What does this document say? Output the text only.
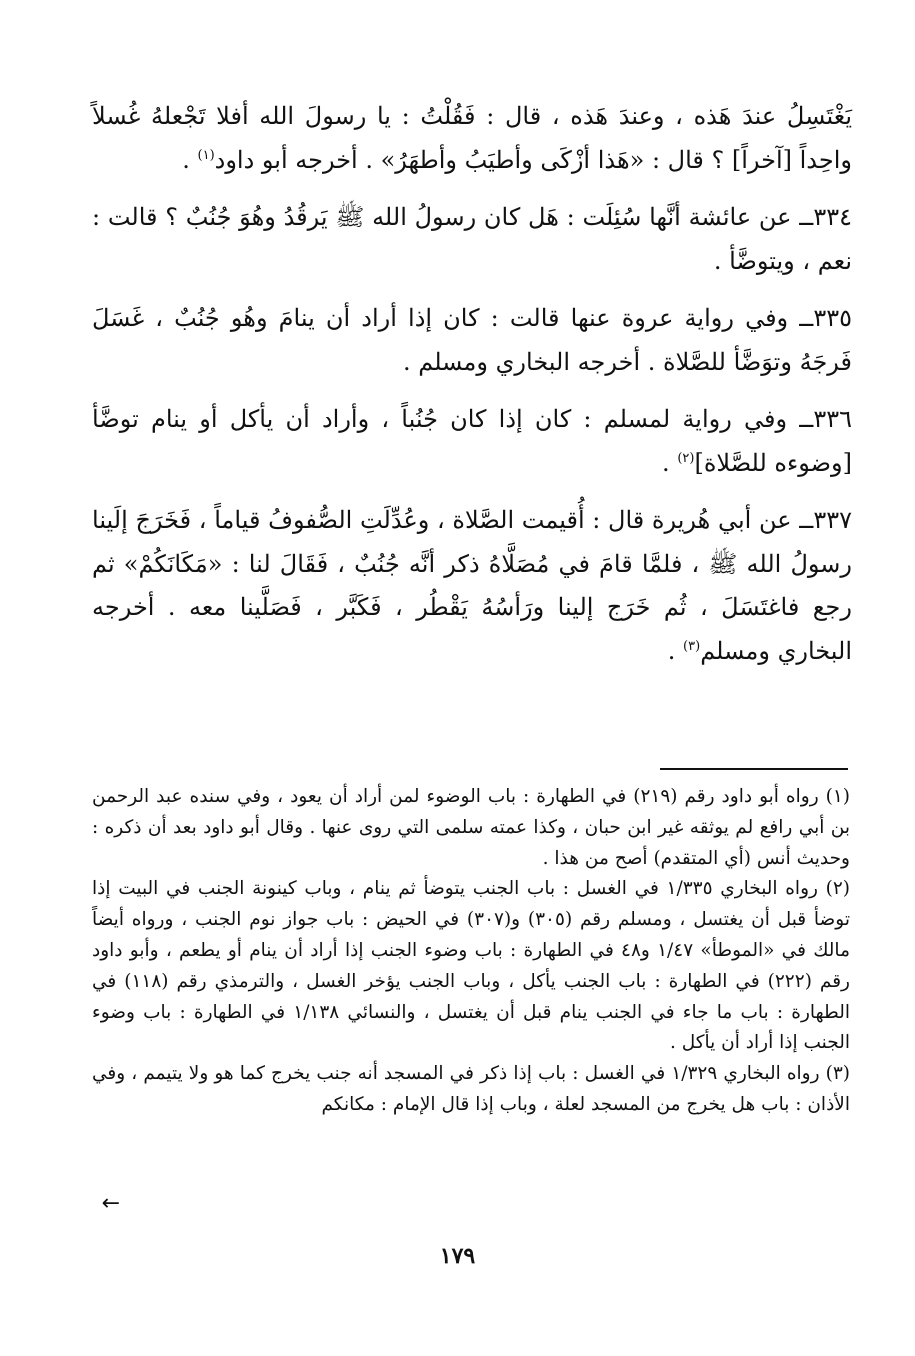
يَغْتَسِلُ عندَ هَذه ، وعندَ هَذه ، قال : فَقُلْتُ : يا رسولَ الله أفلا تَجْعلهُ غُسلاً واحِداً [آخراً] ؟ قال : «هَذا أزْكَى وأطيَبُ وأطهَرُ» . أخرجه أبو داود$^{(١)}$ .

٣٣٤ــ عن عائشة أنَّها سُئِلَت : هَل كان رسولُ الله ﷺ يَرقُدُ وهُوَ جُنُبٌ ؟ قالت : نعم ، ويتوضَّأ .

٣٣٥ــ وفي رواية عروة عنها قالت : كان إذا أراد أن ينامَ وهُو جُنُبٌ ، غَسَلَ فَرجَهُ وتوَضَّأ للصَّلاة . أخرجه البخاري ومسلم .

٣٣٦ــ وفي رواية لمسلم : كان إذا كان جُنُباً ، وأراد أن يأكل أو ينام توضَّأ [وضوءه للصَّلاة]$^{(٢)}$ .

٣٣٧ــ عن أبي هُريرة قال : أُقيمت الصَّلاة ، وعُدِّلَتِ الصُّفوفُ قياماً ، فَخَرَجَ إلَينا رسولُ الله ﷺ ، فلمَّا قامَ في مُصَلَّاهُ ذكر أنَّه جُنُبٌ ، فَقَالَ لنا : «مَكَانَكُمْ» ثم رجع فاغتَسَلَ ، ثُم خَرَج إلينا ورَأسُهُ يَقْطُر ، فَكَبَّر ، فَصَلَّينا معه . أخرجه البخاري ومسلم$^{(٣)}$ .

(١) رواه أبو داود رقم (٢١٩) في الطهارة : باب الوضوء لمن أراد أن يعود ، وفي سنده عبد الرحمن بن أبي رافع لم يوثقه غير ابن حبان ، وكذا عمته سلمى التي روى عنها . وقال أبو داود بعد أن ذكره : وحديث أنس (أي المتقدم) أصح من هذا .

(٢) رواه البخاري ١/٣٣٥ في الغسل : باب الجنب يتوضأ ثم ينام ، وباب كينونة الجنب في البيت إذا توضأ قبل أن يغتسل ، ومسلم رقم (٣٠٥) و(٣٠٧) في الحيض : باب جواز نوم الجنب ، ورواه أيضاً مالك في «الموطأ» ١/٤٧ و٤٨ في الطهارة : باب وضوء الجنب إذا أراد أن ينام أو يطعم ، وأبو داود رقم (٢٢٢) في الطهارة : باب الجنب يأكل ، وباب الجنب يؤخر الغسل ، والترمذي رقم (١١٨) في الطهارة : باب ما جاء في الجنب ينام قبل أن يغتسل ، والنسائي ١/١٣٨ في الطهارة : باب وضوء الجنب إذا أراد أن يأكل .

(٣) رواه البخاري ١/٣٢٩ في الغسل : باب إذا ذكر في المسجد أنه جنب يخرج كما هو ولا يتيمم ، وفي الأذان : باب هل يخرج من المسجد لعلة ، وباب إذا قال الإمام : مكانكم

←
١٧٩
